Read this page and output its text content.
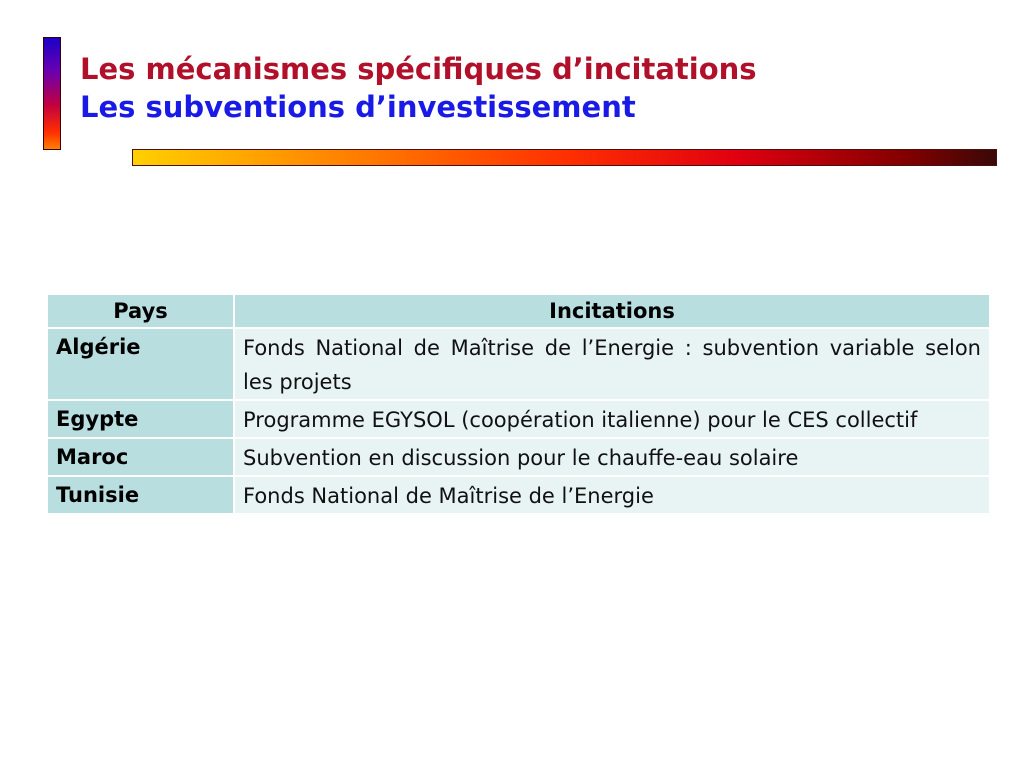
Les mécanismes spécifiques d’incitations
Les subventions d’investissement
Pays	Incitations
Algérie	Fonds National de Maîtrise de l’Energie : subvention variable selon les projets
Egypte	Programme EGYSOL (coopération italienne) pour le CES collectif
Maroc	Subvention en discussion pour le chauffe-eau solaire
Tunisie	Fonds National de Maîtrise de l’Energie
